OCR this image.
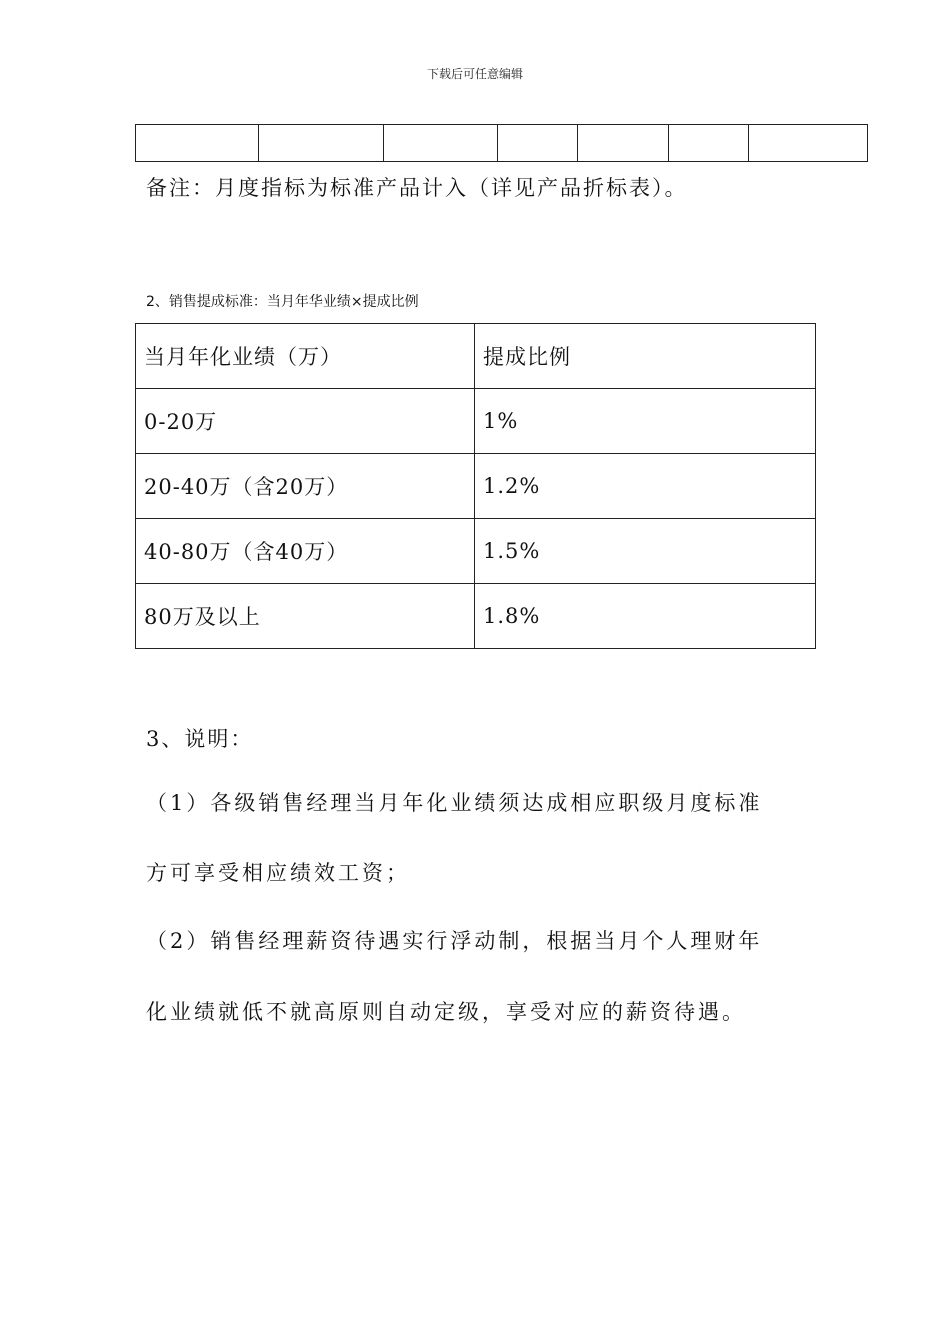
下载后可任意编辑

备注：月度指标为标准产品计入（详见产品折标表）。
2、销售提成标准：当月年华业绩×提成比例
当月年化业绩（万）	提成比例
0-20万	1%
20-40万（含20万）	1.2%
40-80万（含40万）	1.5%
80万及以上	1.8%
3、说明：
（1）各级销售经理当月年化业绩须达成相应职级月度标准
方可享受相应绩效工资；
（2）销售经理薪资待遇实行浮动制，根据当月个人理财年
化业绩就低不就高原则自动定级，享受对应的薪资待遇。
